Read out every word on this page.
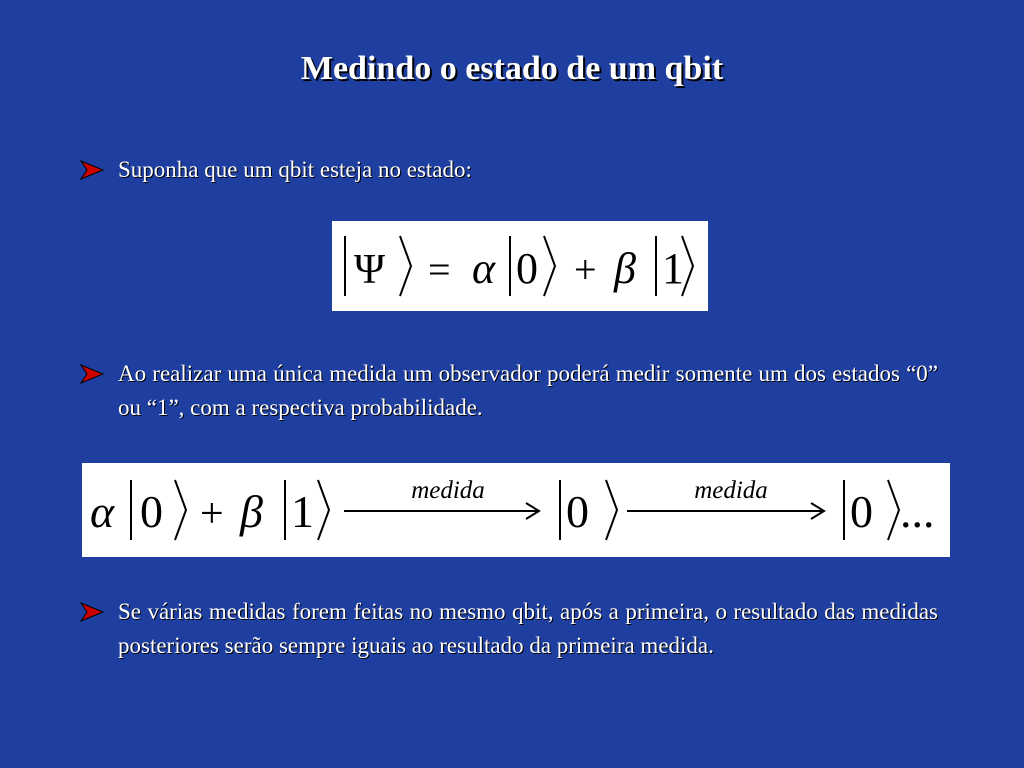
Medindo o estado de um qbit
Suponha que um qbit esteja no estado:
Ψ = α 0 + β 1
Ao realizar uma única medida um observador poderá medir somente um dos estados “0” ou “1”, com a respectiva probabilidade.
α 0 + β 1	medida 0	medida 0 ...
Se várias medidas forem feitas no mesmo qbit, após a primeira, o resultado das medidas posteriores serão sempre iguais ao resultado da primeira medida.
